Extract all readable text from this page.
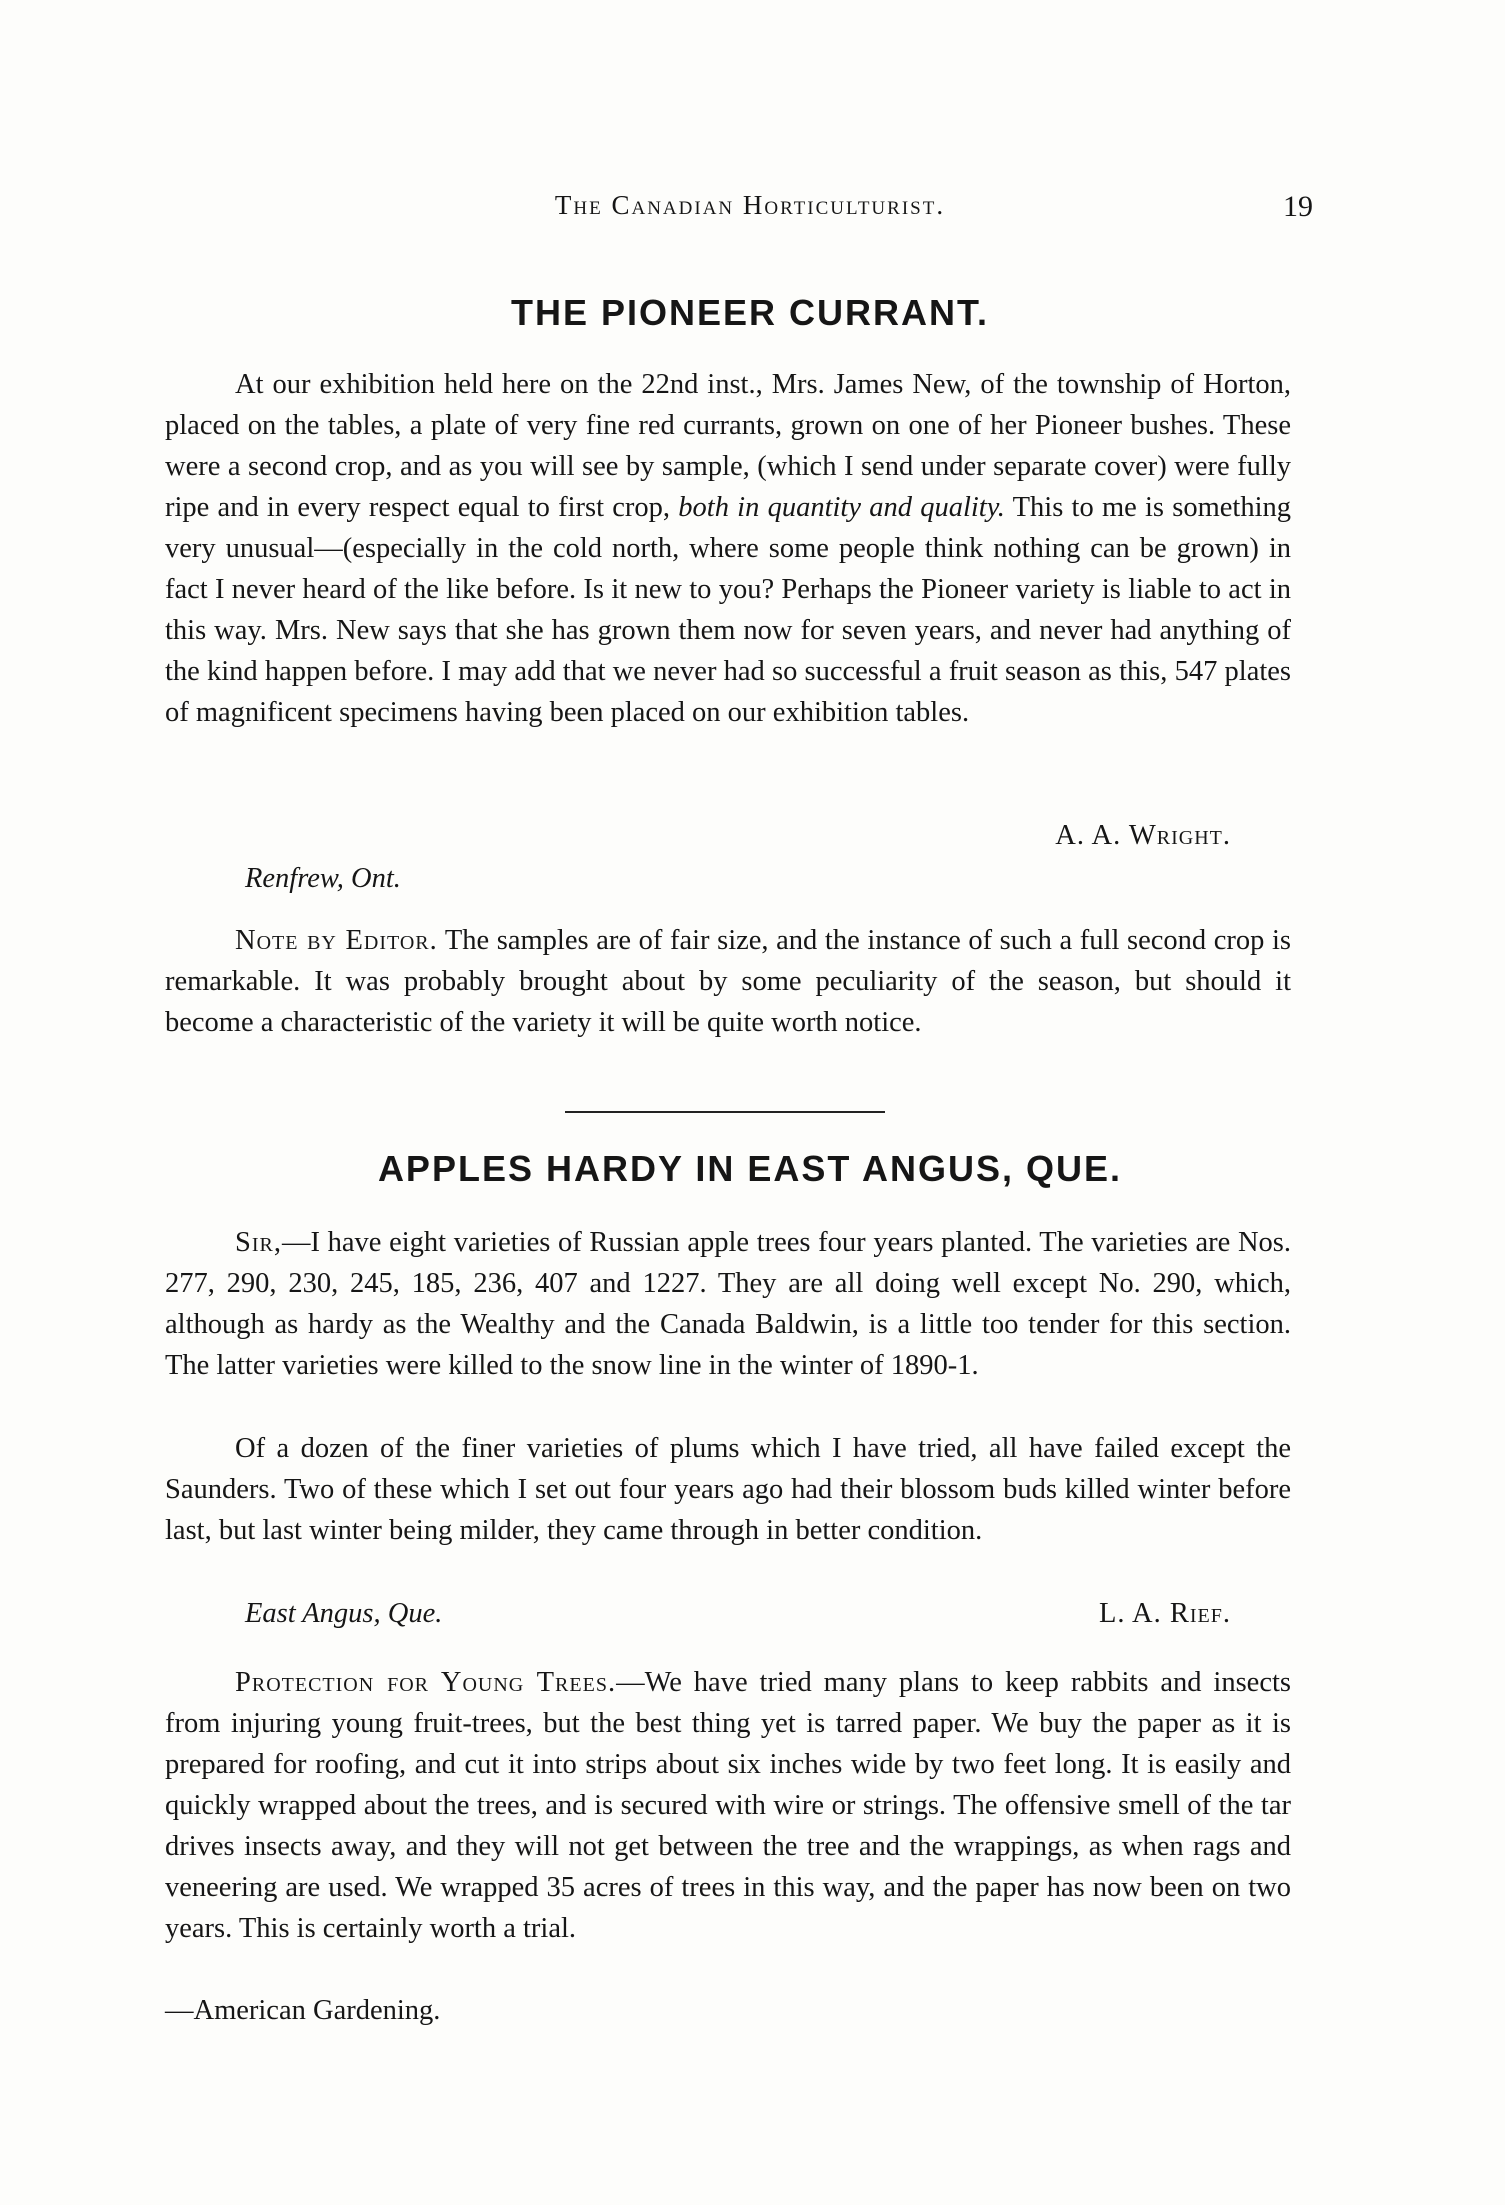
The Canadian Horticulturist.	19
THE PIONEER CURRANT.

At our exhibition held here on the 22nd inst., Mrs. James New, of the township of Horton, placed on the tables, a plate of very fine red currants, grown on one of her Pioneer bushes. These were a second crop, and as you will see by sample, (which I send under separate cover) were fully ripe and in every respect equal to first crop, both in quantity and quality. This to me is something very unusual—(especially in the cold north, where some people think nothing can be grown) in fact I never heard of the like before. Is it new to you? Perhaps the Pioneer variety is liable to act in this way. Mrs. New says that she has grown them now for seven years, and never had anything of the kind happen before. I may add that we never had so successful a fruit season as this, 547 plates of magnificent specimens having been placed on our exhibition tables.

A. A. Wright.
Renfrew, Ont.

Note by Editor. The samples are of fair size, and the instance of such a full second crop is remarkable. It was probably brought about by some peculiarity of the season, but should it become a characteristic of the variety it will be quite worth notice.

APPLES HARDY IN EAST ANGUS, QUE.

Sir,—I have eight varieties of Russian apple trees four years planted. The varieties are Nos. 277, 290, 230, 245, 185, 236, 407 and 1227. They are all doing well except No. 290, which, although as hardy as the Wealthy and the Canada Baldwin, is a little too tender for this section. The latter varieties were killed to the snow line in the winter of 1890-1.

Of a dozen of the finer varieties of plums which I have tried, all have failed except the Saunders. Two of these which I set out four years ago had their blossom buds killed winter before last, but last winter being milder, they came through in better condition.

East Angus, Que.	L. A. Rief.

Protection for Young Trees.—We have tried many plans to keep rabbits and insects from injuring young fruit-trees, but the best thing yet is tarred paper. We buy the paper as it is prepared for roofing, and cut it into strips about six inches wide by two feet long. It is easily and quickly wrapped about the trees, and is secured with wire or strings. The offensive smell of the tar drives insects away, and they will not get between the tree and the wrappings, as when rags and veneering are used. We wrapped 35 acres of trees in this way, and the paper has now been on two years. This is certainly worth a trial.

—American Gardening.
